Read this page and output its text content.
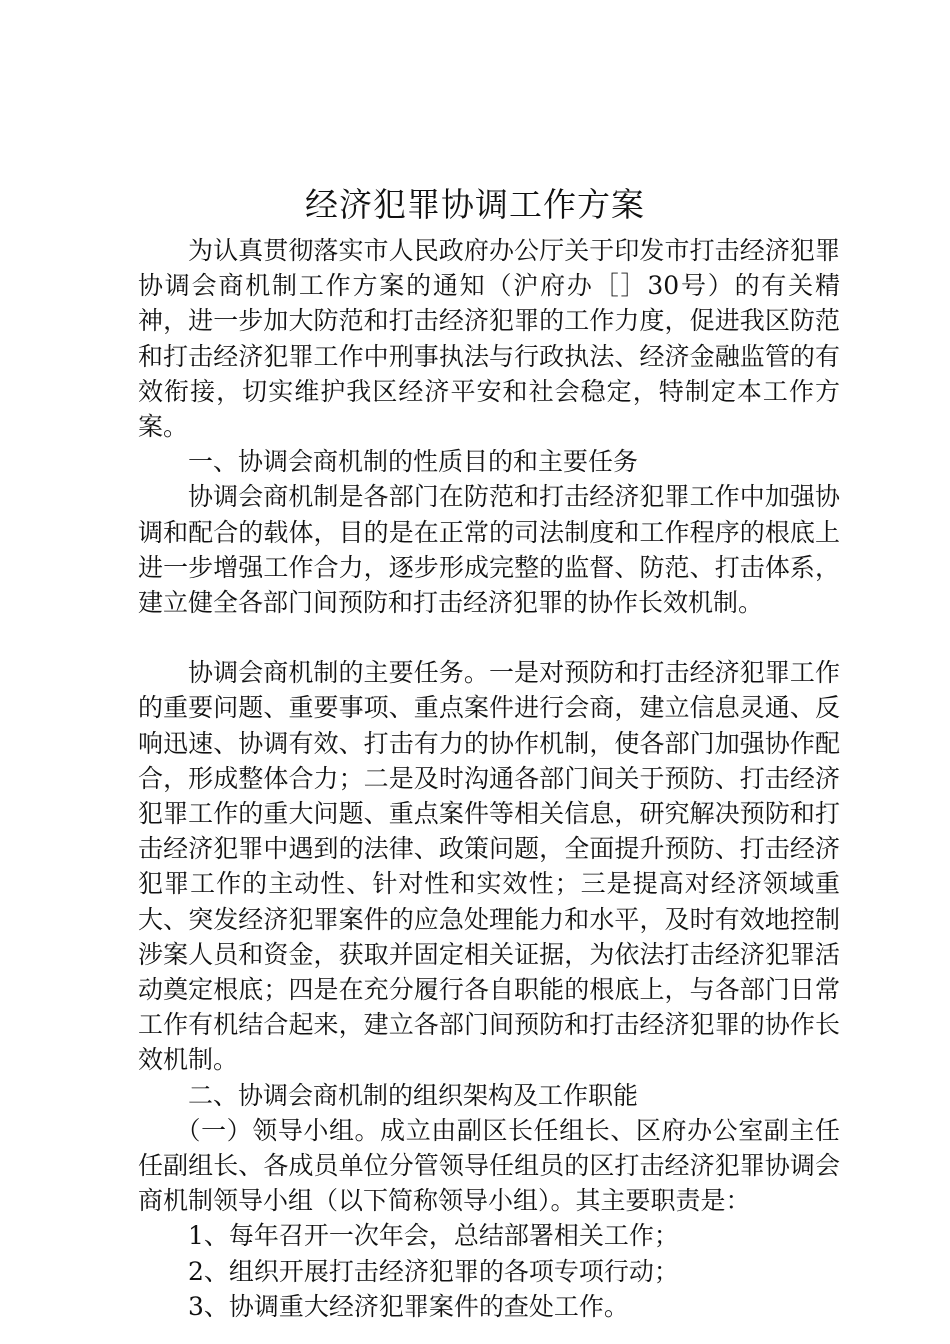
经济犯罪协调工作方案

为认真贯彻落实市人民政府办公厅关于印发市打击经济犯罪协调会商机制工作方案的通知（沪府办［］30号）的有关精神，进一步加大防范和打击经济犯罪的工作力度，促进我区防范和打击经济犯罪工作中刑事执法与行政执法、经济金融监管的有效衔接，切实维护我区经济平安和社会稳定，特制定本工作方案。

一、协调会商机制的性质目的和主要任务

协调会商机制是各部门在防范和打击经济犯罪工作中加强协调和配合的载体，目的是在正常的司法制度和工作程序的根底上进一步增强工作合力，逐步形成完整的监督、防范、打击体系，建立健全各部门间预防和打击经济犯罪的协作长效机制。

协调会商机制的主要任务。一是对预防和打击经济犯罪工作的重要问题、重要事项、重点案件进行会商，建立信息灵通、反响迅速、协调有效、打击有力的协作机制，使各部门加强协作配合，形成整体合力；二是及时沟通各部门间关于预防、打击经济犯罪工作的重大问题、重点案件等相关信息，研究解决预防和打击经济犯罪中遇到的法律、政策问题，全面提升预防、打击经济犯罪工作的主动性、针对性和实效性；三是提高对经济领域重大、突发经济犯罪案件的应急处理能力和水平，及时有效地控制涉案人员和资金，获取并固定相关证据，为依法打击经济犯罪活动奠定根底；四是在充分履行各自职能的根底上，与各部门日常工作有机结合起来，建立各部门间预防和打击经济犯罪的协作长效机制。

二、协调会商机制的组织架构及工作职能

（一）领导小组。成立由副区长任组长、区府办公室副主任任副组长、各成员单位分管领导任组员的区打击经济犯罪协调会商机制领导小组（以下简称领导小组）。其主要职责是：

1、每年召开一次年会，总结部署相关工作；

2、组织开展打击经济犯罪的各项专项行动；

3、协调重大经济犯罪案件的查处工作。
